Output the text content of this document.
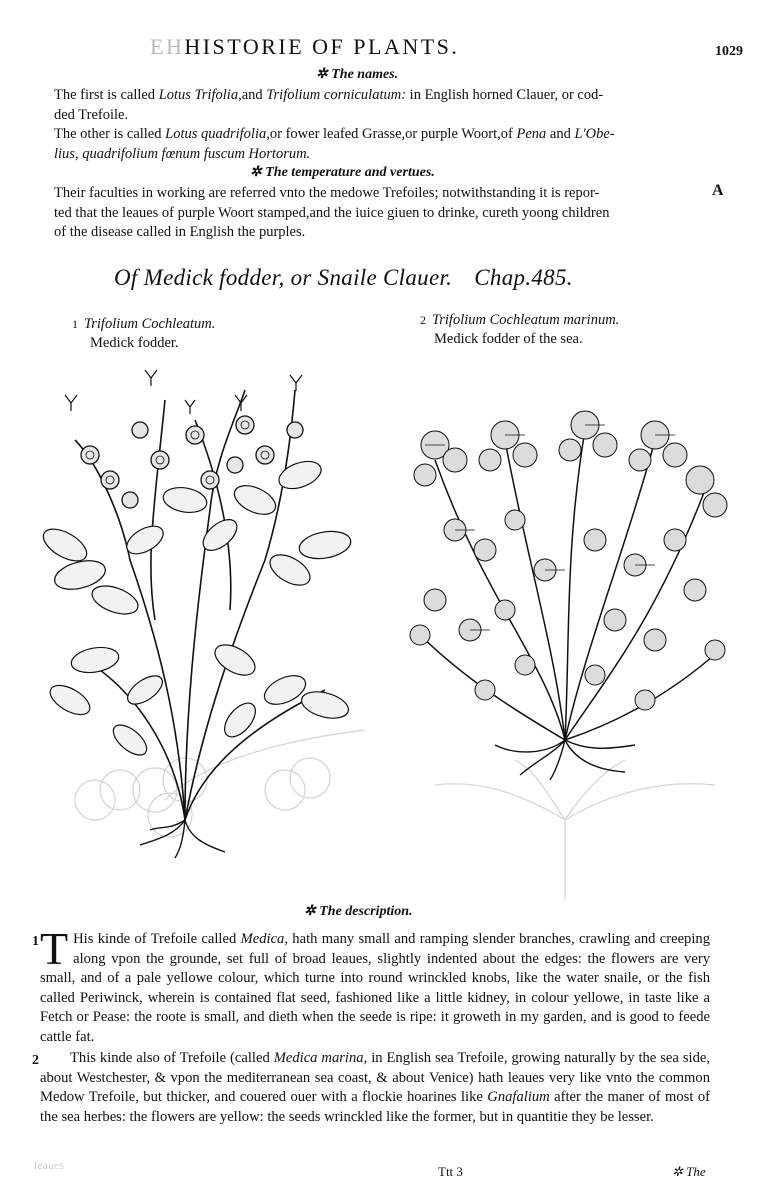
EHHISTORIE OF PLANTS.	1029
✲ The names.
The first is called Lotus Trifolia,and Trifolium corniculatum: in English horned Clauer, or cod-
ded Trefoile.
The other is called Lotus quadrifolia,or fower leafed Grasse,or purple Woort,of Pena and L'Obe-
lius, quadrifolium fœnum fuscum Hortorum.
✲ The temperature and vertues.
Their faculties in working are referred vnto the medowe Trefoiles; notwithstanding it is repor-
ted that the leaues of purple Woort stamped,and the iuice giuen to drinke, cureth yoong children
of the disease called in English the purples.
A
Of Medick fodder, or Snaile Clauer. Chap.485.
1 Trifolium Cochleatum.
Medick fodder.
2 Trifolium Cochleatum marinum.
Medick fodder of the sea.
✲ The description.
1 T His kinde of Trefoile called Medica, hath many small and ramping slender branches, crawling and creeping along vpon the grounde, set full of broad leaues, slightly indented about the edges: the flowers are very small, and of a pale yellowe colour, which turne into round wrinckled knobs, like the water snaile, or the fish called Periwinck, wherein is contained flat seed, fashioned like a little kidney, in colour yellowe, in taste like a Fetch or Pease: the roote is small, and dieth when the seede is ripe: it groweth in my garden, and is good to feede cattle fat.
2	This kinde also of Trefoile (called Medica marina, in English sea Trefoile, growing naturally by the sea side, about Westchester, & vpon the mediterranean sea coast, & about Venice) hath leaues very like vnto the common Medow Trefoile, but thicker, and couered ouer with a flockie hoarines like Gnafalium after the maner of most of the sea herbes: the flowers are yellow: the seeds wrinckled like the former, but in quantitie they be lesser.
leaues	Ttt 3	✲ The
